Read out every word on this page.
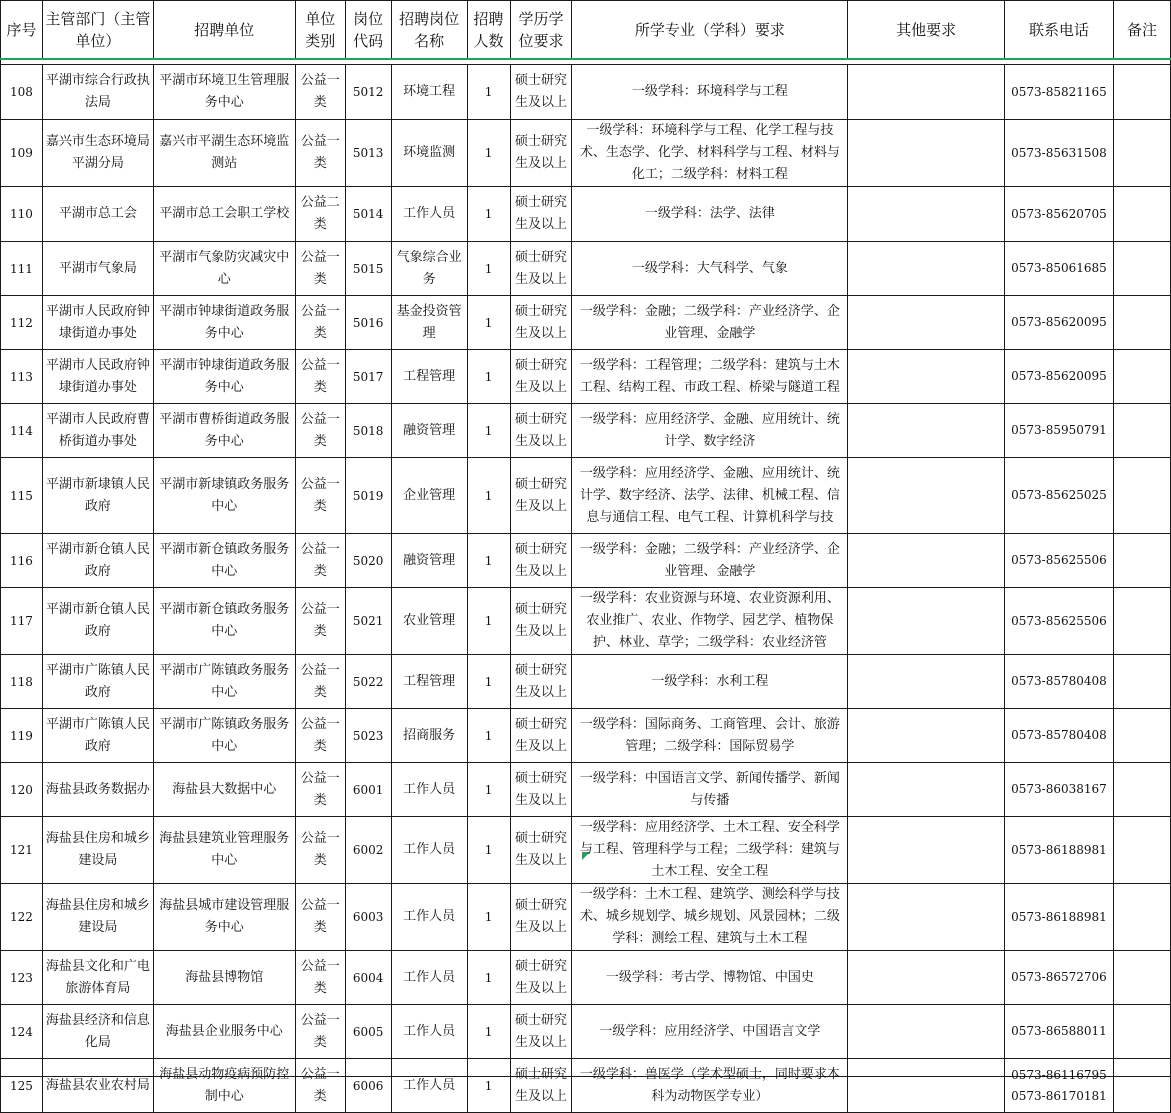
序号	主管部门（主管单位）	招聘单位	单位类别	岗位代码	招聘岗位名称	招聘人数	学历学位要求	所学专业（学科）要求	其他要求	联系电话	备注

108	平湖市综合行政执法局	平湖市环境卫生管理服务中心	公益一类	5012	环境工程	1	硕士研究生及以上	一级学科：环境科学与工程		0573-85821165	

109	嘉兴市生态环境局平湖分局	嘉兴市平湖生态环境监测站	公益一类	5013	环境监测	1	硕士研究生及以上	一级学科：环境科学与工程、化学工程与技术、生态学、化学、材料科学与工程、材料与化工；二级学科：材料工程		0573-85631508	

110	平湖市总工会	平湖市总工会职工学校	公益二类	5014	工作人员	1	硕士研究生及以上	一级学科：法学、法律		0573-85620705	

111	平湖市气象局	平湖市气象防灾减灾中心	公益一类	5015	气象综合业务	1	硕士研究生及以上	一级学科：大气科学、气象		0573-85061685	

112	平湖市人民政府钟埭街道办事处	平湖市钟埭街道政务服务中心	公益一类	5016	基金投资管理	1	硕士研究生及以上	一级学科：金融；二级学科：产业经济学、企业管理、金融学		0573-85620095	

113	平湖市人民政府钟埭街道办事处	平湖市钟埭街道政务服务中心	公益一类	5017	工程管理	1	硕士研究生及以上	一级学科：工程管理；二级学科：建筑与土木工程、结构工程、市政工程、桥梁与隧道工程		0573-85620095	

114	平湖市人民政府曹桥街道办事处	平湖市曹桥街道政务服务中心	公益一类	5018	融资管理	1	硕士研究生及以上	一级学科：应用经济学、金融、应用统计、统计学、数字经济		0573-85950791	

115	平湖市新埭镇人民政府	平湖市新埭镇政务服务中心	公益一类	5019	企业管理	1	硕士研究生及以上	一级学科：应用经济学、金融、应用统计、统计学、数字经济、法学、法律、机械工程、信息与通信工程、电气工程、计算机科学与技		0573-85625025	

116	平湖市新仓镇人民政府	平湖市新仓镇政务服务中心	公益一类	5020	融资管理	1	硕士研究生及以上	一级学科：金融；二级学科：产业经济学、企业管理、金融学		0573-85625506	

117	平湖市新仓镇人民政府	平湖市新仓镇政务服务中心	公益一类	5021	农业管理	1	硕士研究生及以上	一级学科：农业资源与环境、农业资源利用、农业推广、农业、作物学、园艺学、植物保护、林业、草学；二级学科：农业经济管		0573-85625506	

118	平湖市广陈镇人民政府	平湖市广陈镇政务服务中心	公益一类	5022	工程管理	1	硕士研究生及以上	一级学科：水利工程		0573-85780408	

119	平湖市广陈镇人民政府	平湖市广陈镇政务服务中心	公益一类	5023	招商服务	1	硕士研究生及以上	一级学科：国际商务、工商管理、会计、旅游管理；二级学科：国际贸易学		0573-85780408	

120	海盐县政务数据办	海盐县大数据中心	公益一类	6001	工作人员	1	硕士研究生及以上	一级学科：中国语言文学、新闻传播学、新闻与传播		0573-86038167	

121	海盐县住房和城乡建设局	海盐县建筑业管理服务中心	公益一类	6002	工作人员	1	硕士研究生及以上	一级学科：应用经济学、土木工程、安全科学与工程、管理科学与工程；二级学科：建筑与土木工程、安全工程		0573-86188981	

122	海盐县住房和城乡建设局	海盐县城市建设管理服务中心	公益一类	6003	工作人员	1	硕士研究生及以上	一级学科：土木工程、建筑学、测绘科学与技术、城乡规划学、城乡规划、风景园林；二级学科：测绘工程、建筑与土木工程		0573-86188981	

123	海盐县文化和广电旅游体育局	海盐县博物馆	公益一类	6004	工作人员	1	硕士研究生及以上	一级学科：考古学、博物馆、中国史		0573-86572706	

124	海盐县经济和信息化局	海盐县企业服务中心	公益一类	6005	工作人员	1	硕士研究生及以上	一级学科：应用经济学、中国语言文学		0573-86588011	

125	海盐县农业农村局	海盐县动物疫病预防控制中心	公益一类	6006	工作人员	1	硕士研究生及以上	一级学科：兽医学（学术型硕士，同时要求本科为动物医学专业）		0573-86116795
0573-86170181	
